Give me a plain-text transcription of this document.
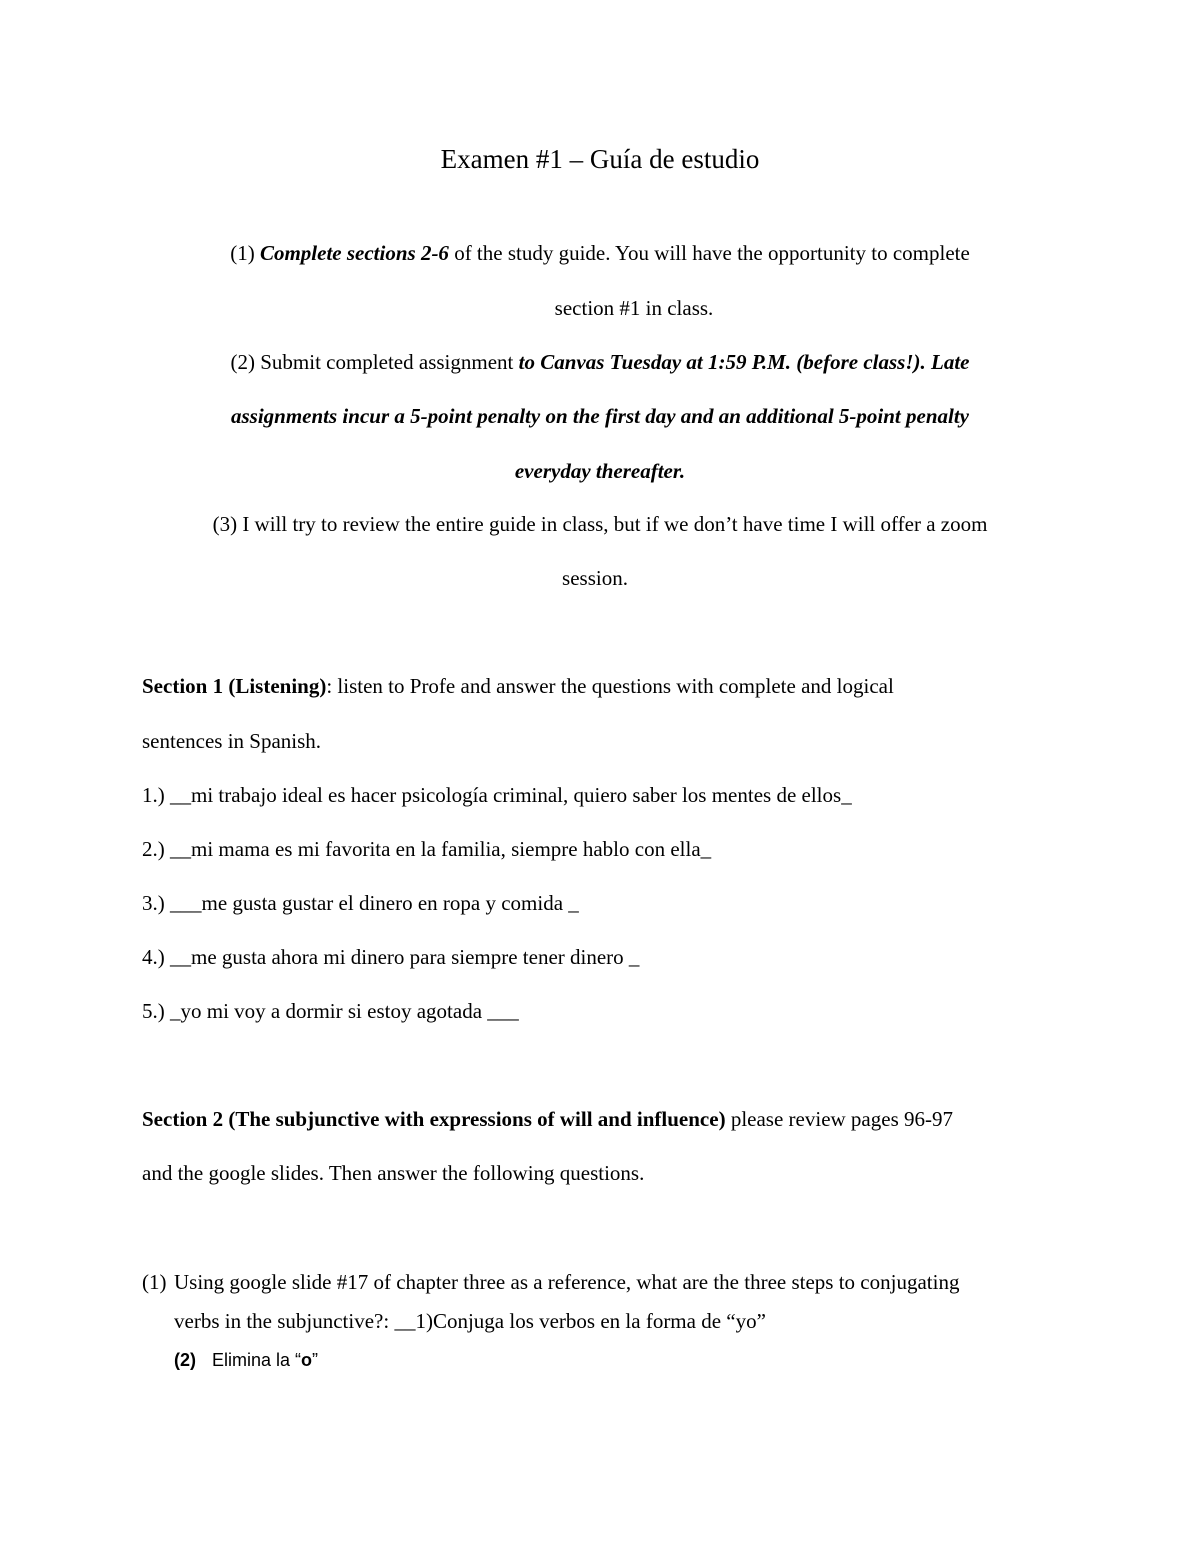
Examen #1 – Guía de estudio
(1) Complete sections 2-6 of the study guide. You will have the opportunity to complete
section #1 in class.
(2) Submit completed assignment to Canvas Tuesday at 1:59 P.M. (before class!). Late
assignments incur a 5-point penalty on the first day and an additional 5-point penalty
everyday thereafter.
(3) I will try to review the entire guide in class, but if we don’t have time I will offer a zoom
session.
Section 1 (Listening): listen to Profe and answer the questions with complete and logical
sentences in Spanish.
1.) __mi trabajo ideal es hacer psicología criminal, quiero saber los mentes de ellos_
2.) __mi mama es mi favorita en la familia, siempre hablo con ella_
3.) ___me gusta gustar el dinero en ropa y comida _
4.) __me gusta ahora mi dinero para siempre tener dinero _
5.) _yo mi voy a dormir si estoy agotada ___
Section 2 (The subjunctive with expressions of will and influence) please review pages 96-97
and the google slides. Then answer the following questions.
(1) Using google slide #17 of chapter three as a reference, what are the three steps to conjugating
verbs in the subjunctive?: __1)Conjuga los verbos en la forma de “yo”
(2) Elimina la “o”
